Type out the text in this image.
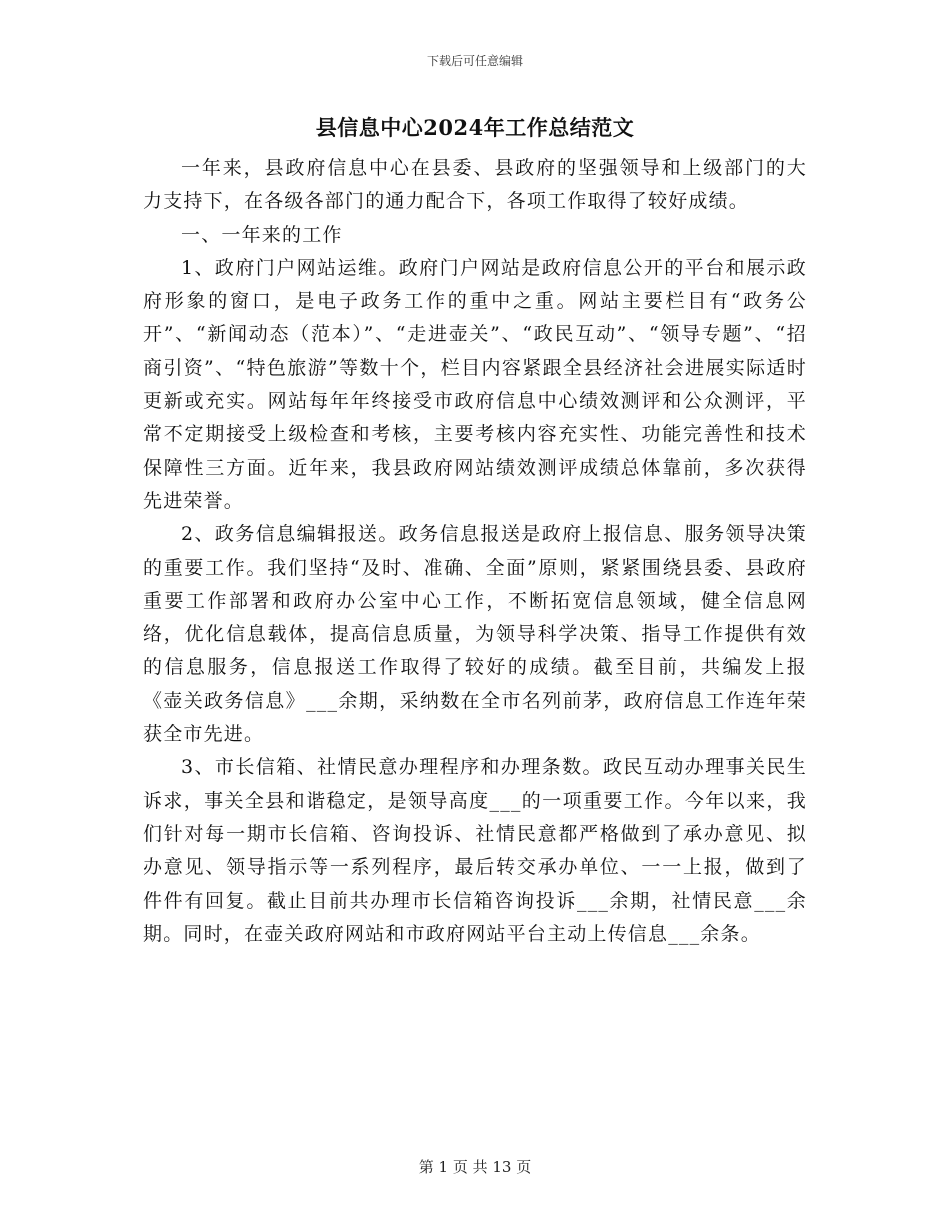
下载后可任意编辑
县信息中心2024年工作总结范文

一年来，县政府信息中心在县委、县政府的坚强领导和上级部门的大力支持下，在各级各部门的通力配合下，各项工作取得了较好成绩。

一、一年来的工作

1、政府门户网站运维。政府门户网站是政府信息公开的平台和展示政府形象的窗口，是电子政务工作的重中之重。网站主要栏目有“政务公开”、“新闻动态（范本）”、“走进壶关”、“政民互动”、“领导专题”、“招商引资”、“特色旅游”等数十个，栏目内容紧跟全县经济社会进展实际适时更新或充实。网站每年年终接受市政府信息中心绩效测评和公众测评，平常不定期接受上级检查和考核，主要考核内容充实性、功能完善性和技术保障性三方面。近年来，我县政府网站绩效测评成绩总体靠前，多次获得先进荣誉。

2、政务信息编辑报送。政务信息报送是政府上报信息、服务领导决策的重要工作。我们坚持“及时、准确、全面”原则，紧紧围绕县委、县政府重要工作部署和政府办公室中心工作，不断拓宽信息领域，健全信息网络，优化信息载体，提高信息质量，为领导科学决策、指导工作提供有效的信息服务，信息报送工作取得了较好的成绩。截至目前，共编发上报《壶关政务信息》___余期，采纳数在全市名列前茅，政府信息工作连年荣获全市先进。

3、市长信箱、社情民意办理程序和办理条数。政民互动办理事关民生诉求，事关全县和谐稳定，是领导高度___的一项重要工作。今年以来，我们针对每一期市长信箱、咨询投诉、社情民意都严格做到了承办意见、拟办意见、领导指示等一系列程序，最后转交承办单位、一一上报，做到了件件有回复。截止目前共办理市长信箱咨询投诉___余期，社情民意___余期。同时，在壶关政府网站和市政府网站平台主动上传信息___余条。

第 1 页 共 13 页
